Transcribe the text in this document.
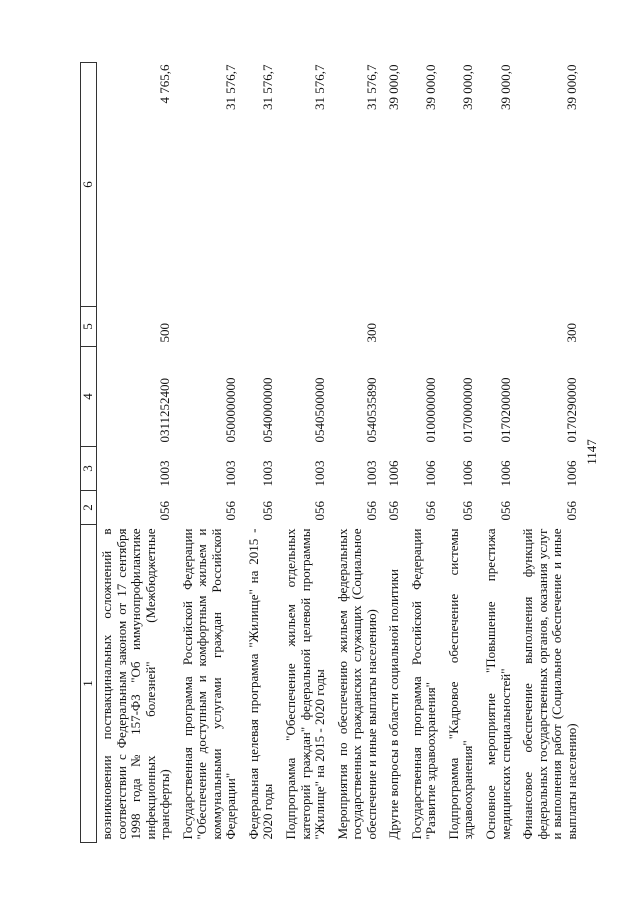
1147
1	2	3	4	5	6
возникновении поствакцинальных осложнений в соответствии с Федеральным законом от 17 сентября 1998 года № 157-ФЗ "Об иммунопрофилактике инфекционных болезней" (Межбюджетные трансферты)	056	1003	0311252400	500	4 765,6
Государственная программа Российской Федерации "Обеспечение доступным и комфортным жильем и коммунальными услугами граждан Российской Федерации"	056	1003	0500000000		31 576,7
Федеральная целевая программа "Жилище" на 2015 - 2020 годы	056	1003	0540000000		31 576,7
Подпрограмма "Обеспечение жильем отдельных категорий граждан" федеральной целевой программы "Жилище" на 2015 - 2020 годы	056	1003	0540500000		31 576,7
Мероприятия по обеспечению жильем федеральных государственных гражданских служащих (Социальное обеспечение и иные выплаты населению)	056	1003	0540535890	300	31 576,7
Другие вопросы в области социальной политики	056	1006			39 000,0
Государственная программа Российской Федерации "Развитие здравоохранения"	056	1006	0100000000		39 000,0
Подпрограмма "Кадровое обеспечение системы здравоохранения"	056	1006	0170000000		39 000,0
Основное мероприятие "Повышение престижа медицинских специальностей"	056	1006	0170200000		39 000,0
Финансовое обеспечение выполнения функций федеральных государственных органов, оказания услуг и выполнения работ (Социальное обеспечение и иные выплаты населению)	056	1006	0170290000	300	39 000,0
